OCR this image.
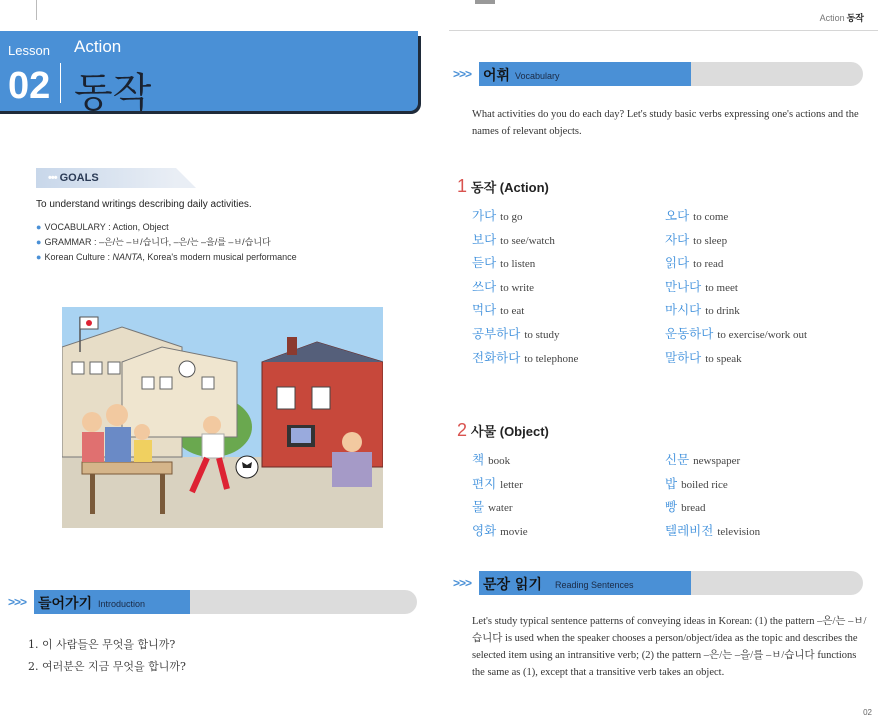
Lesson
02
Action
동작
••• GOALS
To understand writings describing daily activities.
● VOCABULARY : Action, Object
● GRAMMAR : –은/는 –ㅂ/습니다, –은/는 –을/를 –ㅂ/습니다
● Korean Culture : NANTA, Korea's modern musical performance
>>> 들어가기 Introduction
1. 이 사람들은 무엇을 합니까?
2. 여러분은 지금 무엇을 합니까?
Action 동작
>>> 어휘 Vocabulary

What activities do you do each day? Let's study basic verbs expressing one's actions and the names of relevant objects.

1 동작 (Action)
가다 to go
보다 to see/watch
듣다 to listen
쓰다 to write
먹다 to eat
공부하다 to study
전화하다 to telephone
오다 to come
자다 to sleep
읽다 to read
만나다 to meet
마시다 to drink
운동하다 to exercise/work out
말하다 to speak
2 사물 (Object)
책 book
편지 letter
물 water
영화 movie
신문 newspaper
밥 boiled rice
빵 bread
텔레비전 television
>>> 문장 읽기 Reading Sentences

Let's study typical sentence patterns of conveying ideas in Korean: (1) the pattern –은/는 –ㅂ/습니다 is used when the speaker chooses a person/object/idea as the topic and describes the selected item using an intransitive verb; (2) the pattern –은/는 –을/를 –ㅂ/습니다 functions the same as (1), except that a transitive verb takes an object.

02
